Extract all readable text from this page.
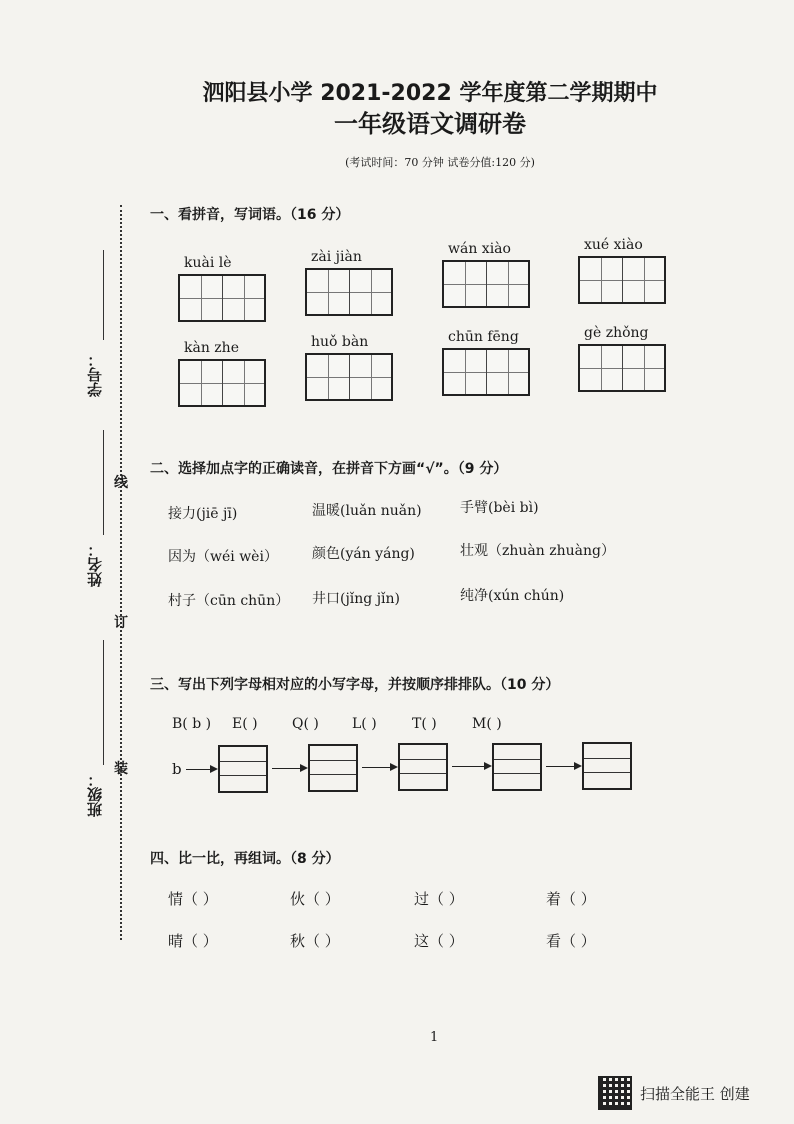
泗阳县小学 2021-2022 学年度第二学期期中
一年级语文调研卷
(考试时间：70 分钟 试卷分值:120 分)
学号：
姓名：
班级：
线
订
装
一、看拼音，写词语。（16 分）
kuài lè	zài jiàn	wán xiào	xué xiào
kàn zhe	huǒ bàn	chūn fēng	gè zhǒng
二、选择加点字的正确读音，在拼音下方画“√”。（9 分）
接力(jiē jī)	温暖(luǎn nuǎn)	手臂(bèi bì)
因为（wéi wèi） 颜色(yán yáng)	壮观（zhuàn zhuàng）
村子（cūn chūn） 井口(jǐng jǐn)	纯净(xún chún)
三、写出下列字母相对应的小写字母，并按顺序排排队。（10 分）
B( b )	E( )	Q( )	L( )	T( )	M( )
b
四、比一比，再组词。（8 分）
情（ ）	伙（ ）	过（ ）	着（ ）
晴（ ）	秋（ ）	这（ ）	看（ ）
1
扫描全能王 创建
